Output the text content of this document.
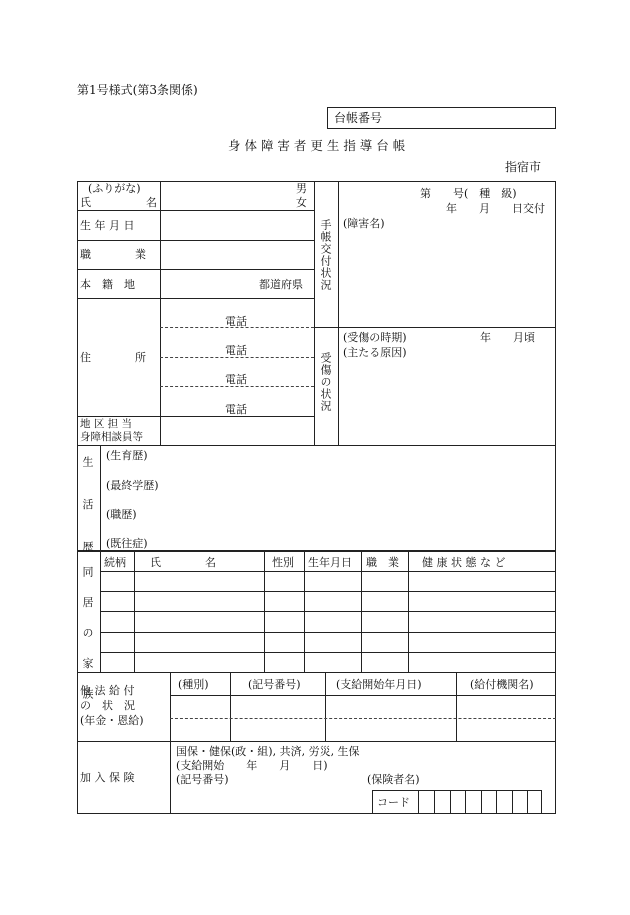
第1号様式(第3条関係)
台帳番号
身 体 障 害 者 更 生 指 導 台 帳
指宿市
(ふりがな)
氏　　　　　名
男
女
生 年 月 日
職　　　　業
本　籍　地	都道府県
住　　　　所
電話
電話
電話
電話
地 区 担 当
身障相談員等
手帳交付状況
受傷の状況
第　　号(　種　級)
年　　月　　日交付
(障害名)
(受傷の時期)	年　　月頃
(主たる原因)
生 活 歴
(生育歴)
(最終学歴)
(職歴)
(既往症)
同 居 の 家 族
続柄 氏　　　　名	性別 生年月日 職　業 健 康 状 態 な ど
他 法 給 付
の　状　況
(年金・恩給)
(種別)	(記号番号)	(支給開始年月日)	(給付機関名)
加 入 保 険
国保・健保(政・組), 共済, 労災, 生保
(支給開始　　年　　月　　日)
(記号番号)	(保険者名)
コード
